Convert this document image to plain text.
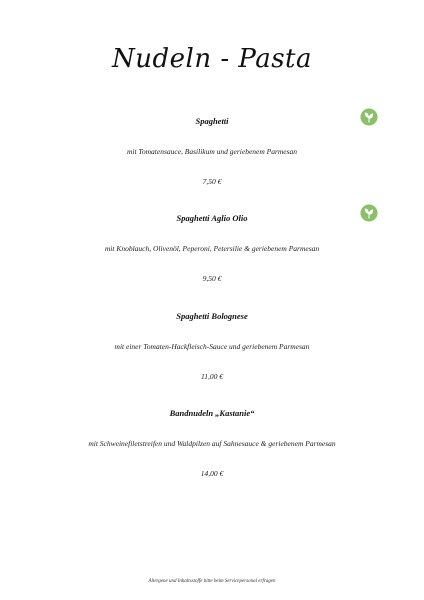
Nudeln - Pasta
Spaghetti
mit Tomatensauce, Basilikum und geriebenem Parmesan
7,50 €
Spaghetti Aglio Olio
mit Knoblauch, Olivenöl, Peperoni, Petersilie & geriebenem Parmesan
9,50 €
Spaghetti Bolognese
mit einer Tomaten-Hackfleisch-Sauce und geriebenem Parmesan
11,00 €
Bandnudeln „Kastanie“
mit Schweinefiletstreifen und Waldpilzen auf Sahnesauce & geriebenem Parmesan
14,00 €
Allergene und Inhaltsstoffe bitte beim Servicepersonal erfragen
